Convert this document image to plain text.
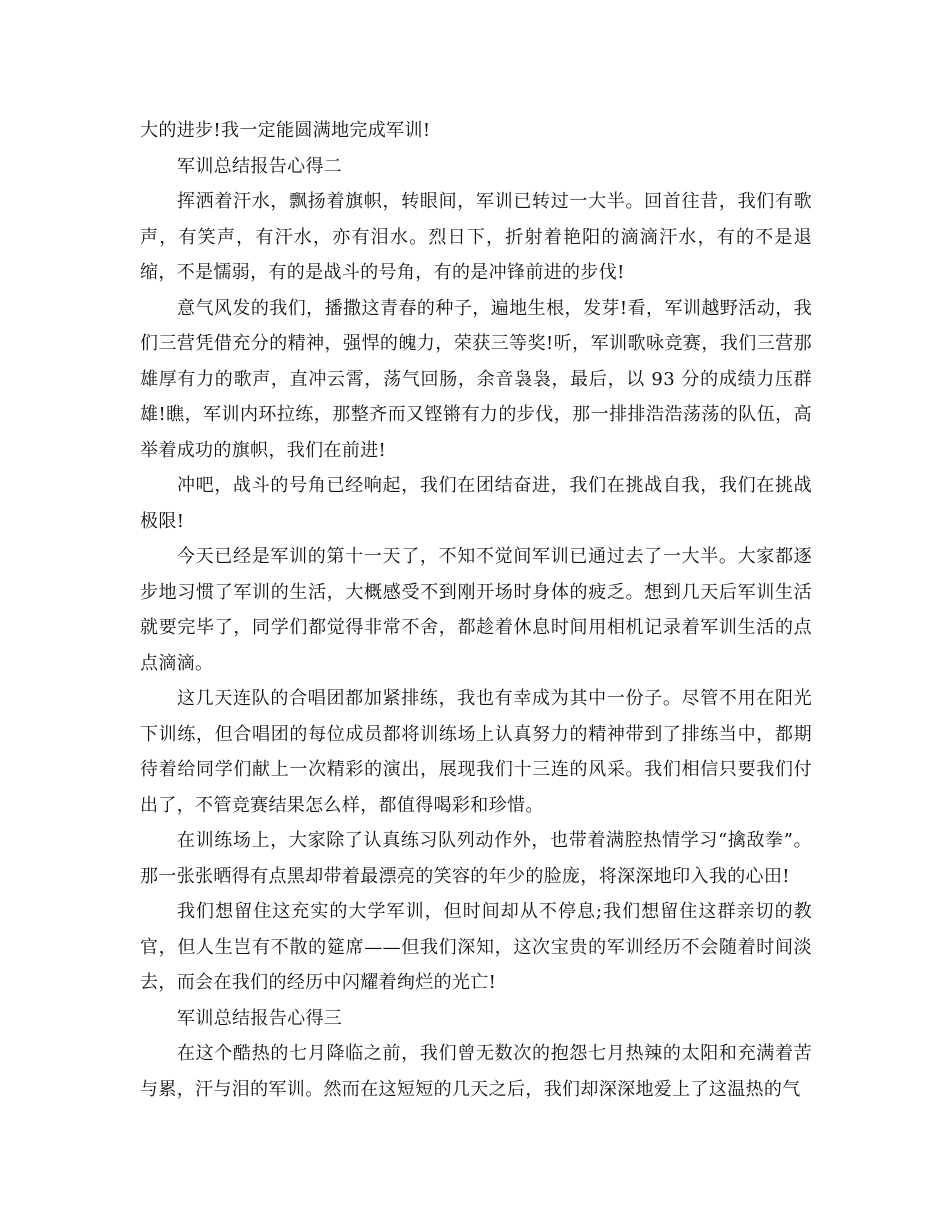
大的进步!我一定能圆满地完成军训!

军训总结报告心得二

挥洒着汗水，飘扬着旗帜，转眼间，军训已转过一大半。回首往昔，我们有歌声，有笑声，有汗水，亦有泪水。烈日下，折射着艳阳的滴滴汗水，有的不是退缩，不是懦弱，有的是战斗的号角，有的是冲锋前进的步伐!

意气风发的我们，播撒这青春的种子，遍地生根，发芽!看，军训越野活动，我们三营凭借充分的精神，强悍的魄力，荣获三等奖!听，军训歌咏竞赛，我们三营那雄厚有力的歌声，直冲云霄，荡气回肠，余音袅袅，最后，以 93 分的成绩力压群雄!瞧，军训内环拉练，那整齐而又铿锵有力的步伐，那一排排浩浩荡荡的队伍，高举着成功的旗帜，我们在前进!

冲吧，战斗的号角已经响起，我们在团结奋进，我们在挑战自我，我们在挑战极限!

今天已经是军训的第十一天了，不知不觉间军训已通过去了一大半。大家都逐步地习惯了军训的生活，大概感受不到刚开场时身体的疲乏。想到几天后军训生活就要完毕了，同学们都觉得非常不舍，都趁着休息时间用相机记录着军训生活的点点滴滴。

这几天连队的合唱团都加紧排练，我也有幸成为其中一份子。尽管不用在阳光下训练，但合唱团的每位成员都将训练场上认真努力的精神带到了排练当中，都期待着给同学们献上一次精彩的演出，展现我们十三连的风采。我们相信只要我们付出了，不管竞赛结果怎么样，都值得喝彩和珍惜。

在训练场上，大家除了认真练习队列动作外，也带着满腔热情学习“擒敌拳”。那一张张晒得有点黑却带着最漂亮的笑容的年少的脸庞，将深深地印入我的心田!

我们想留住这充实的大学军训，但时间却从不停息;我们想留住这群亲切的教官，但人生岂有不散的筵席——但我们深知，这次宝贵的军训经历不会随着时间淡去，而会在我们的经历中闪耀着绚烂的光亡!

军训总结报告心得三

在这个酷热的七月降临之前，我们曾无数次的抱怨七月热辣的太阳和充满着苦与累，汗与泪的军训。然而在这短短的几天之后，我们却深深地爱上了这温热的气
